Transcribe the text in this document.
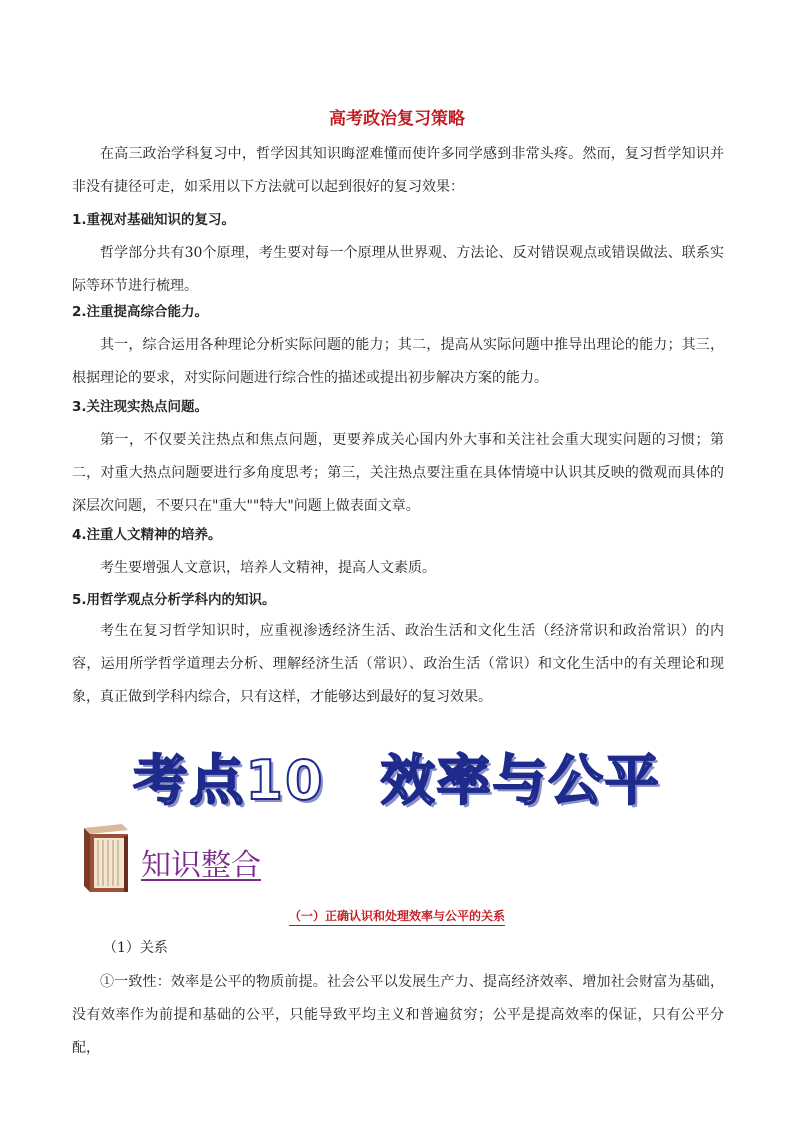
高考政治复习策略
在高三政治学科复习中，哲学因其知识晦涩难懂而使许多同学感到非常头疼。然而，复习哲学知识并非没有捷径可走，如采用以下方法就可以起到很好的复习效果：
1.重视对基础知识的复习。
哲学部分共有30个原理，考生要对每一个原理从世界观、方法论、反对错误观点或错误做法、联系实际等环节进行梳理。
2.注重提高综合能力。
其一，综合运用各种理论分析实际问题的能力；其二，提高从实际问题中推导出理论的能力；其三，根据理论的要求，对实际问题进行综合性的描述或提出初步解决方案的能力。
3.关注现实热点问题。
第一，不仅要关注热点和焦点问题，更要养成关心国内外大事和关注社会重大现实问题的习惯；第二，对重大热点问题要进行多角度思考；第三，关注热点要注重在具体情境中认识其反映的微观而具体的深层次问题，不要只在"重大""特大"问题上做表面文章。
4.注重人文精神的培养。
考生要增强人文意识，培养人文精神，提高人文素质。
5.用哲学观点分析学科内的知识。
考生在复习哲学知识时，应重视渗透经济生活、政治生活和文化生活（经济常识和政治常识）的内容，运用所学哲学道理去分析、理解经济生活（常识）、政治生活（常识）和文化生活中的有关理论和现象，真正做到学科内综合，只有这样，才能够达到最好的复习效果。
考点10 效率与公平
知识整合
（一）正确认识和处理效率与公平的关系
（1）关系
①一致性：效率是公平的物质前提。社会公平以发展生产力、提高经济效率、增加社会财富为基础，没有效率作为前提和基础的公平，只能导致平均主义和普遍贫穷；公平是提高效率的保证，只有公平分配，
